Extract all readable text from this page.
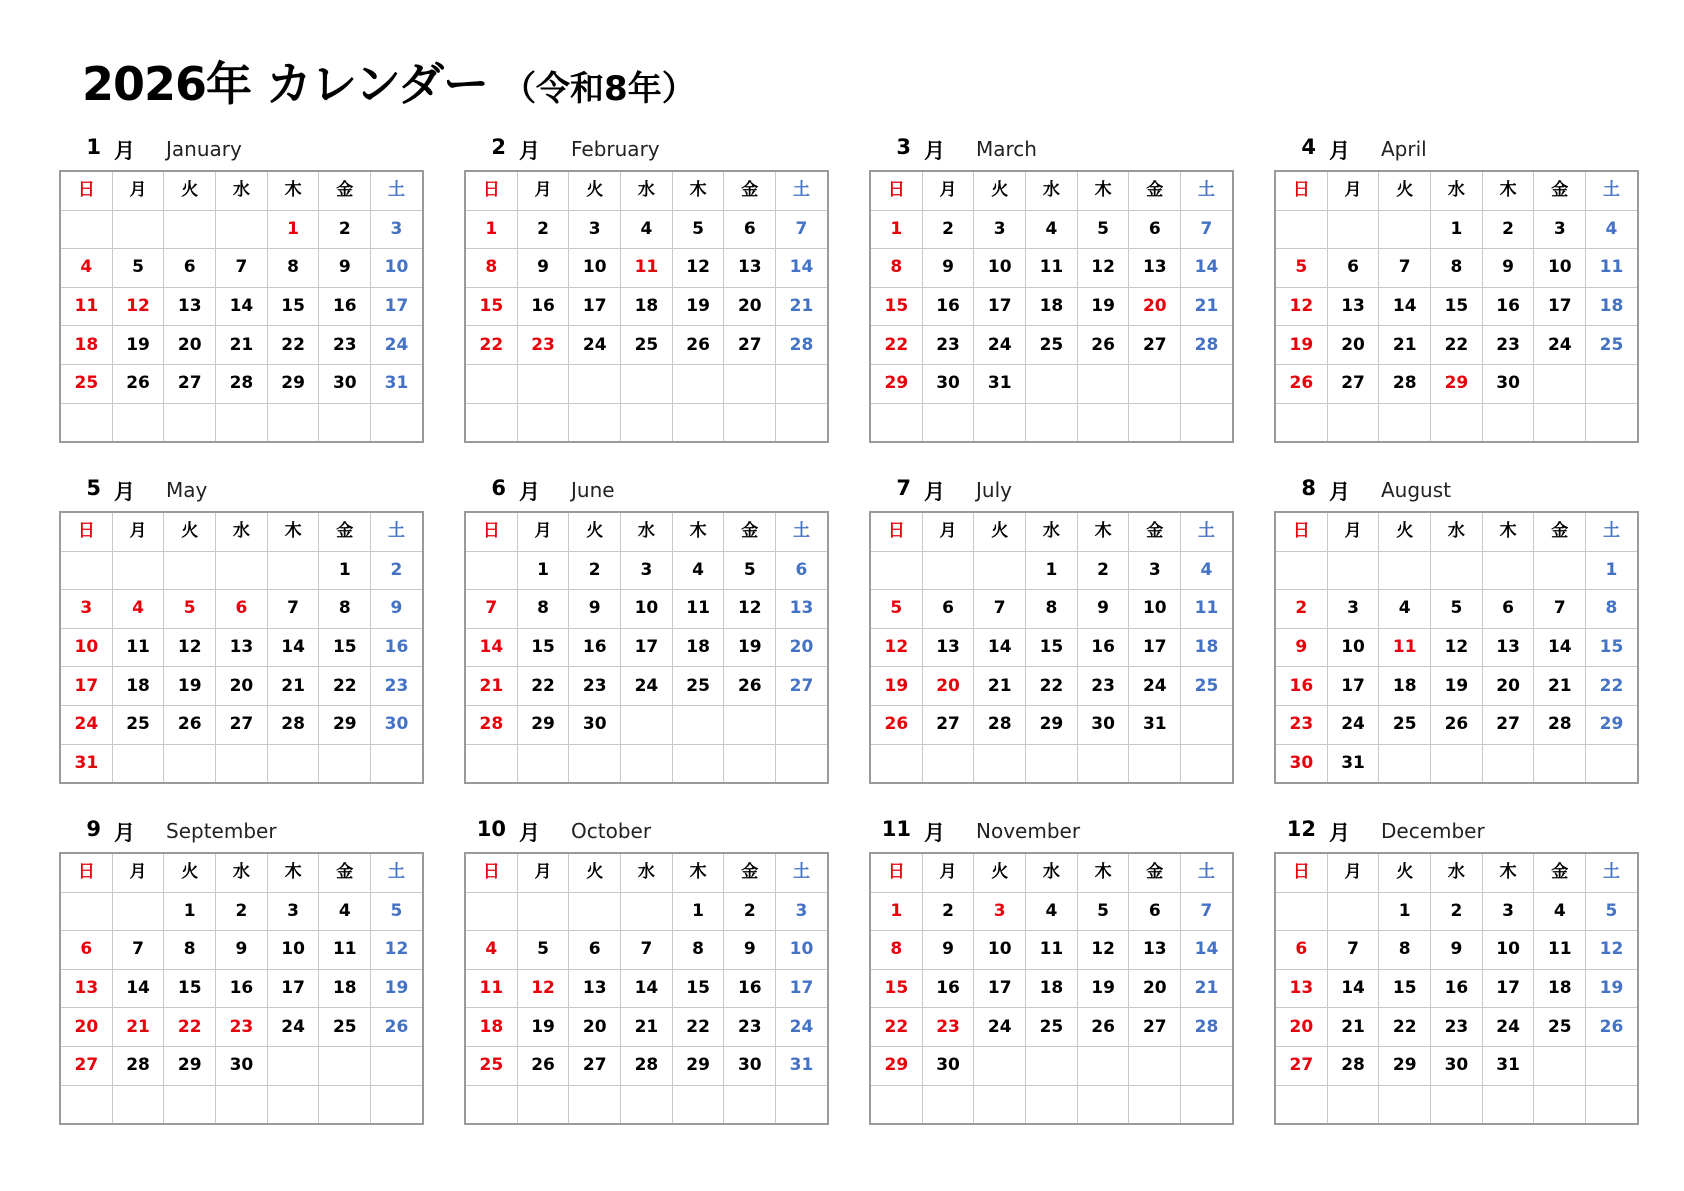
2026年 カレンダー （令和8年）
1 月 January
日	月	火	水	木	金	土
				1	2	3
4	5	6	7	8	9	10
11	12	13	14	15	16	17
18	19	20	21	22	23	24
25	26	27	28	29	30	31

2 月 February
日	月	火	水	木	金	土
1	2	3	4	5	6	7
8	9	10	11	12	13	14
15	16	17	18	19	20	21
22	23	24	25	26	27	28

3 月 March
日	月	火	水	木	金	土
1	2	3	4	5	6	7
8	9	10	11	12	13	14
15	16	17	18	19	20	21
22	23	24	25	26	27	28
29	30	31				

4 月 April
日	月	火	水	木	金	土
			1	2	3	4
5	6	7	8	9	10	11
12	13	14	15	16	17	18
19	20	21	22	23	24	25
26	27	28	29	30		

5 月 May
日	月	火	水	木	金	土
					1	2
3	4	5	6	7	8	9
10	11	12	13	14	15	16
17	18	19	20	21	22	23
24	25	26	27	28	29	30
31						
6 月 June
日	月	火	水	木	金	土
	1	2	3	4	5	6
7	8	9	10	11	12	13
14	15	16	17	18	19	20
21	22	23	24	25	26	27
28	29	30				

7 月 July
日	月	火	水	木	金	土
			1	2	3	4
5	6	7	8	9	10	11
12	13	14	15	16	17	18
19	20	21	22	23	24	25
26	27	28	29	30	31	

8 月 August
日	月	火	水	木	金	土
						1
2	3	4	5	6	7	8
9	10	11	12	13	14	15
16	17	18	19	20	21	22
23	24	25	26	27	28	29
30	31					
9 月 September
日	月	火	水	木	金	土
		1	2	3	4	5
6	7	8	9	10	11	12
13	14	15	16	17	18	19
20	21	22	23	24	25	26
27	28	29	30			

10 月 October
日	月	火	水	木	金	土
				1	2	3
4	5	6	7	8	9	10
11	12	13	14	15	16	17
18	19	20	21	22	23	24
25	26	27	28	29	30	31

11 月 November
日	月	火	水	木	金	土
1	2	3	4	5	6	7
8	9	10	11	12	13	14
15	16	17	18	19	20	21
22	23	24	25	26	27	28
29	30					

12 月 December
日	月	火	水	木	金	土
		1	2	3	4	5
6	7	8	9	10	11	12
13	14	15	16	17	18	19
20	21	22	23	24	25	26
27	28	29	30	31		
